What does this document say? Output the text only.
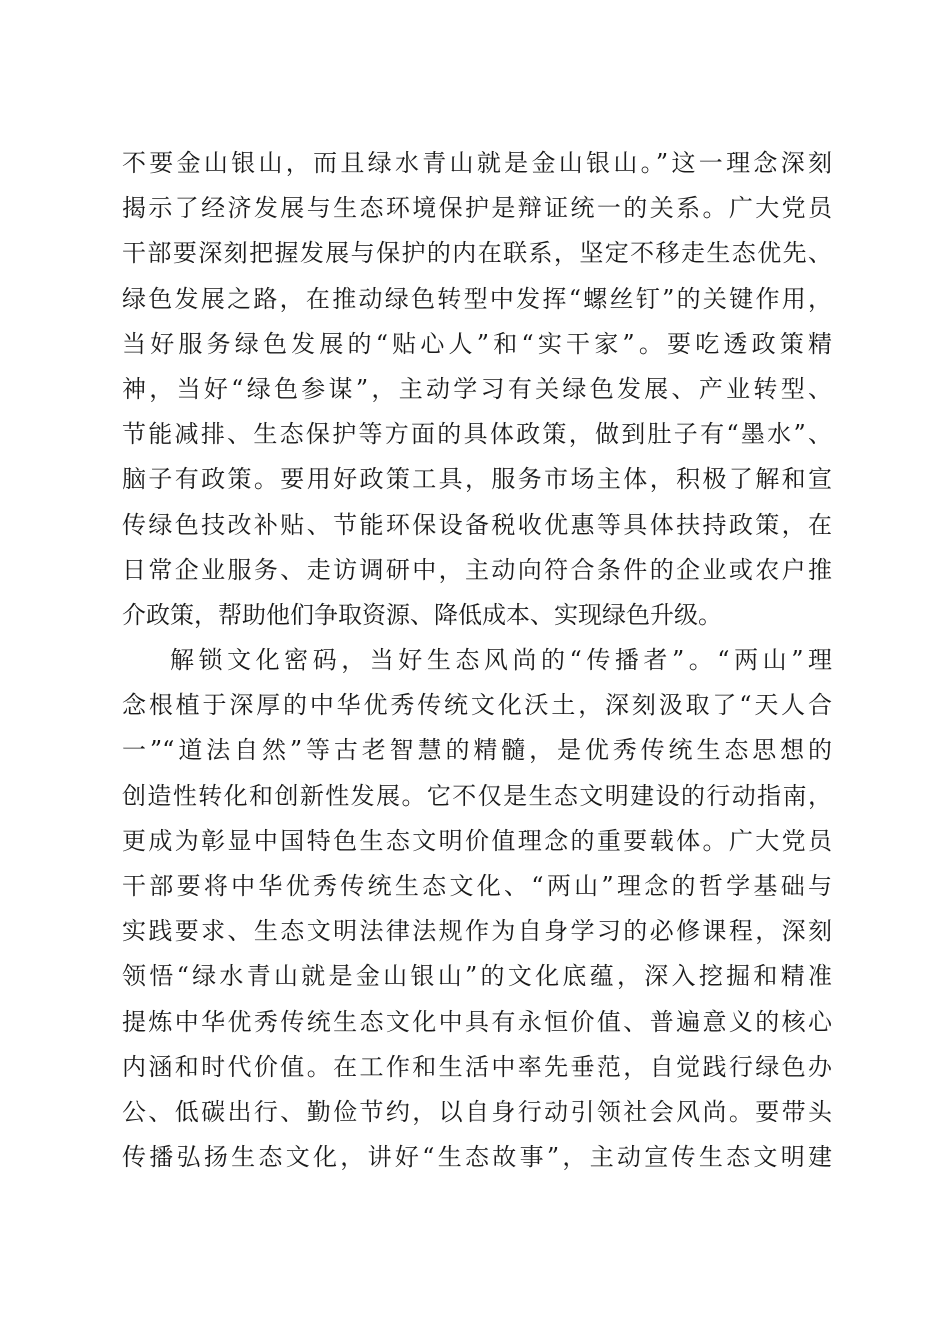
不要金山银山，而且绿水青山就是金山银山。”这一理念深刻
揭示了经济发展与生态环境保护是辩证统一的关系。广大党员
干部要深刻把握发展与保护的内在联系，坚定不移走生态优先、
绿色发展之路，在推动绿色转型中发挥“螺丝钉”的关键作用，
当好服务绿色发展的“贴心人”和“实干家”。要吃透政策精
神，当好“绿色参谋”，主动学习有关绿色发展、产业转型、
节能减排、生态保护等方面的具体政策，做到肚子有“墨水”、
脑子有政策。要用好政策工具，服务市场主体，积极了解和宣
传绿色技改补贴、节能环保设备税收优惠等具体扶持政策，在
日常企业服务、走访调研中，主动向符合条件的企业或农户推
介政策，帮助他们争取资源、降低成本、实现绿色升级。
解锁文化密码，当好生态风尚的“传播者”。“两山”理
念根植于深厚的中华优秀传统文化沃土，深刻汲取了“天人合
一”“道法自然”等古老智慧的精髓，是优秀传统生态思想的
创造性转化和创新性发展。它不仅是生态文明建设的行动指南，
更成为彰显中国特色生态文明价值理念的重要载体。广大党员
干部要将中华优秀传统生态文化、“两山”理念的哲学基础与
实践要求、生态文明法律法规作为自身学习的必修课程，深刻
领悟“绿水青山就是金山银山”的文化底蕴，深入挖掘和精准
提炼中华优秀传统生态文化中具有永恒价值、普遍意义的核心
内涵和时代价值。在工作和生活中率先垂范，自觉践行绿色办
公、低碳出行、勤俭节约，以自身行动引领社会风尚。要带头
传播弘扬生态文化，讲好“生态故事”，主动宣传生态文明建
